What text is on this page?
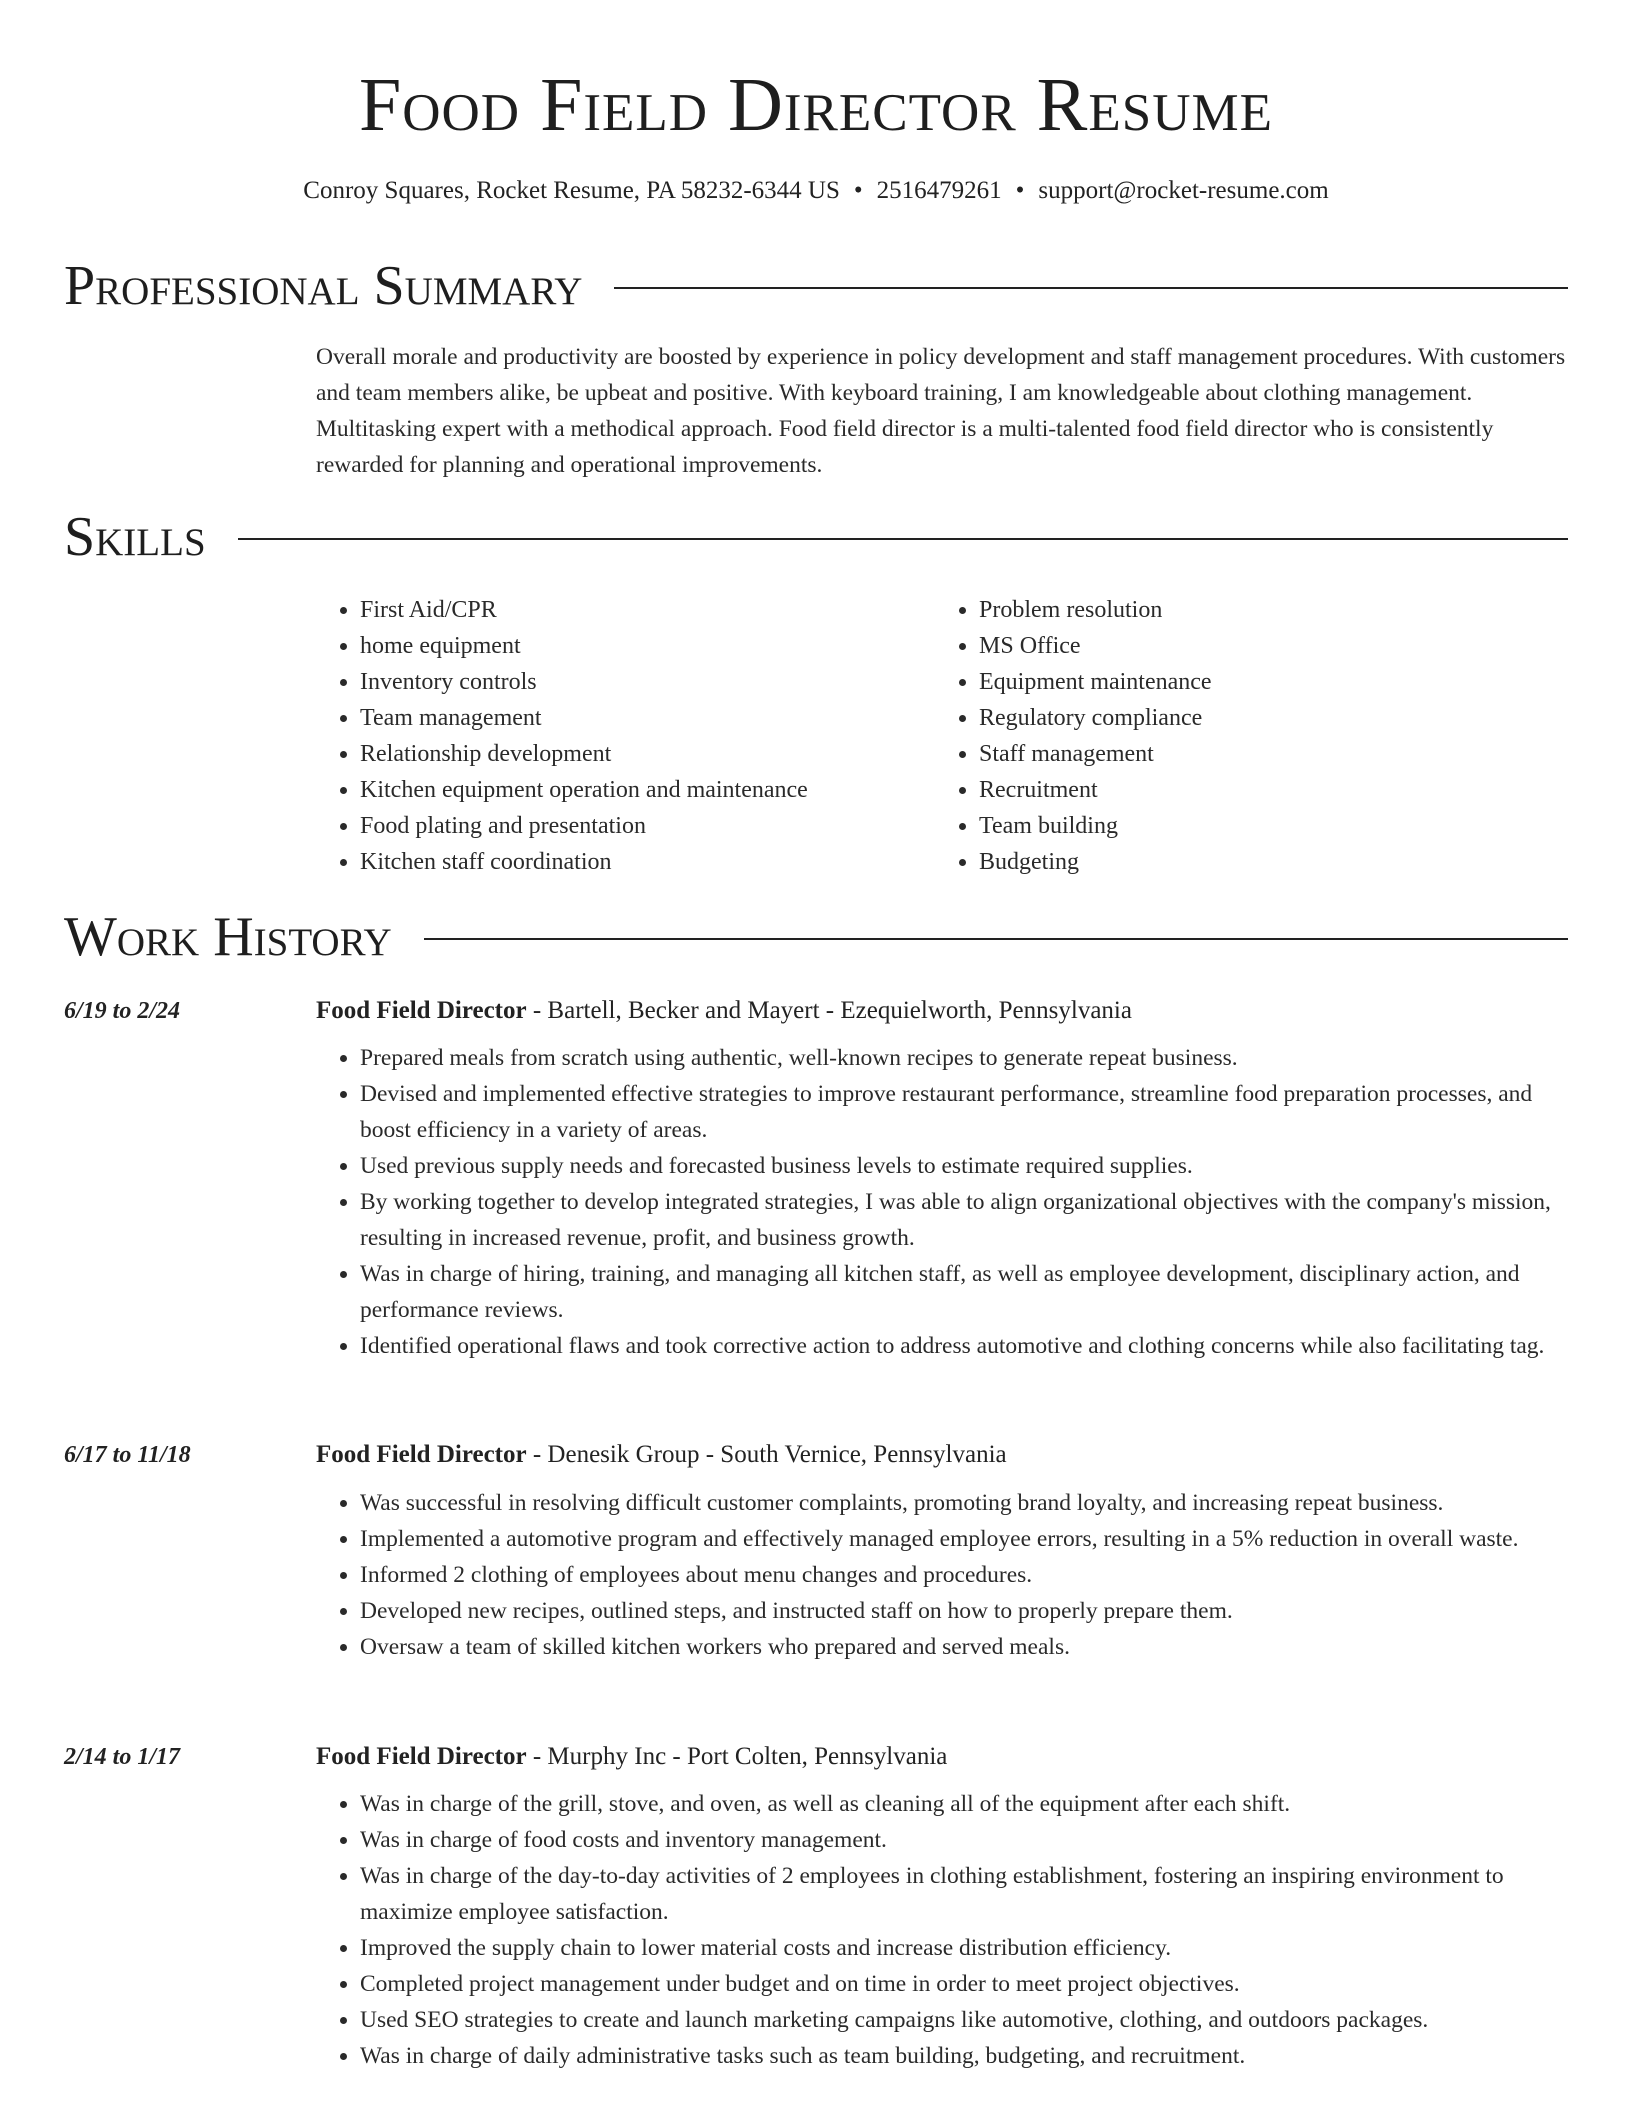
Food Field Director Resume
Conroy Squares, Rocket Resume, PA 58232-6344 US • 2516479261 • support@rocket-resume.com
Professional Summary

Overall morale and productivity are boosted by experience in policy development and staff management procedures. With customers and team members alike, be upbeat and positive. With keyboard training, I am knowledgeable about clothing management. Multitasking expert with a methodical approach. Food field director is a multi-talented food field director who is consistently rewarded for planning and operational improvements.

Skills
• First Aid/CPR
• home equipment
• Inventory controls
• Team management
• Relationship development
• Kitchen equipment operation and maintenance
• Food plating and presentation
• Kitchen staff coordination
• Problem resolution
• MS Office
• Equipment maintenance
• Regulatory compliance
• Staff management
• Recruitment
• Team building
• Budgeting
Work History
6/19 to 2/24	Food Field Director - Bartell, Becker and Mayert - Ezequielworth, Pennsylvania
• Prepared meals from scratch using authentic, well-known recipes to generate repeat business.
• Devised and implemented effective strategies to improve restaurant performance, streamline food preparation processes, and boost efficiency in a variety of areas.
• Used previous supply needs and forecasted business levels to estimate required supplies.
• By working together to develop integrated strategies, I was able to align organizational objectives with the company's mission, resulting in increased revenue, profit, and business growth.
• Was in charge of hiring, training, and managing all kitchen staff, as well as employee development, disciplinary action, and performance reviews.
• Identified operational flaws and took corrective action to address automotive and clothing concerns while also facilitating tag.
6/17 to 11/18	Food Field Director - Denesik Group - South Vernice, Pennsylvania
• Was successful in resolving difficult customer complaints, promoting brand loyalty, and increasing repeat business.
• Implemented a automotive program and effectively managed employee errors, resulting in a 5% reduction in overall waste.
• Informed 2 clothing of employees about menu changes and procedures.
• Developed new recipes, outlined steps, and instructed staff on how to properly prepare them.
• Oversaw a team of skilled kitchen workers who prepared and served meals.
2/14 to 1/17	Food Field Director - Murphy Inc - Port Colten, Pennsylvania
• Was in charge of the grill, stove, and oven, as well as cleaning all of the equipment after each shift.
• Was in charge of food costs and inventory management.
• Was in charge of the day-to-day activities of 2 employees in clothing establishment, fostering an inspiring environment to maximize employee satisfaction.
• Improved the supply chain to lower material costs and increase distribution efficiency.
• Completed project management under budget and on time in order to meet project objectives.
• Used SEO strategies to create and launch marketing campaigns like automotive, clothing, and outdoors packages.
• Was in charge of daily administrative tasks such as team building, budgeting, and recruitment.
